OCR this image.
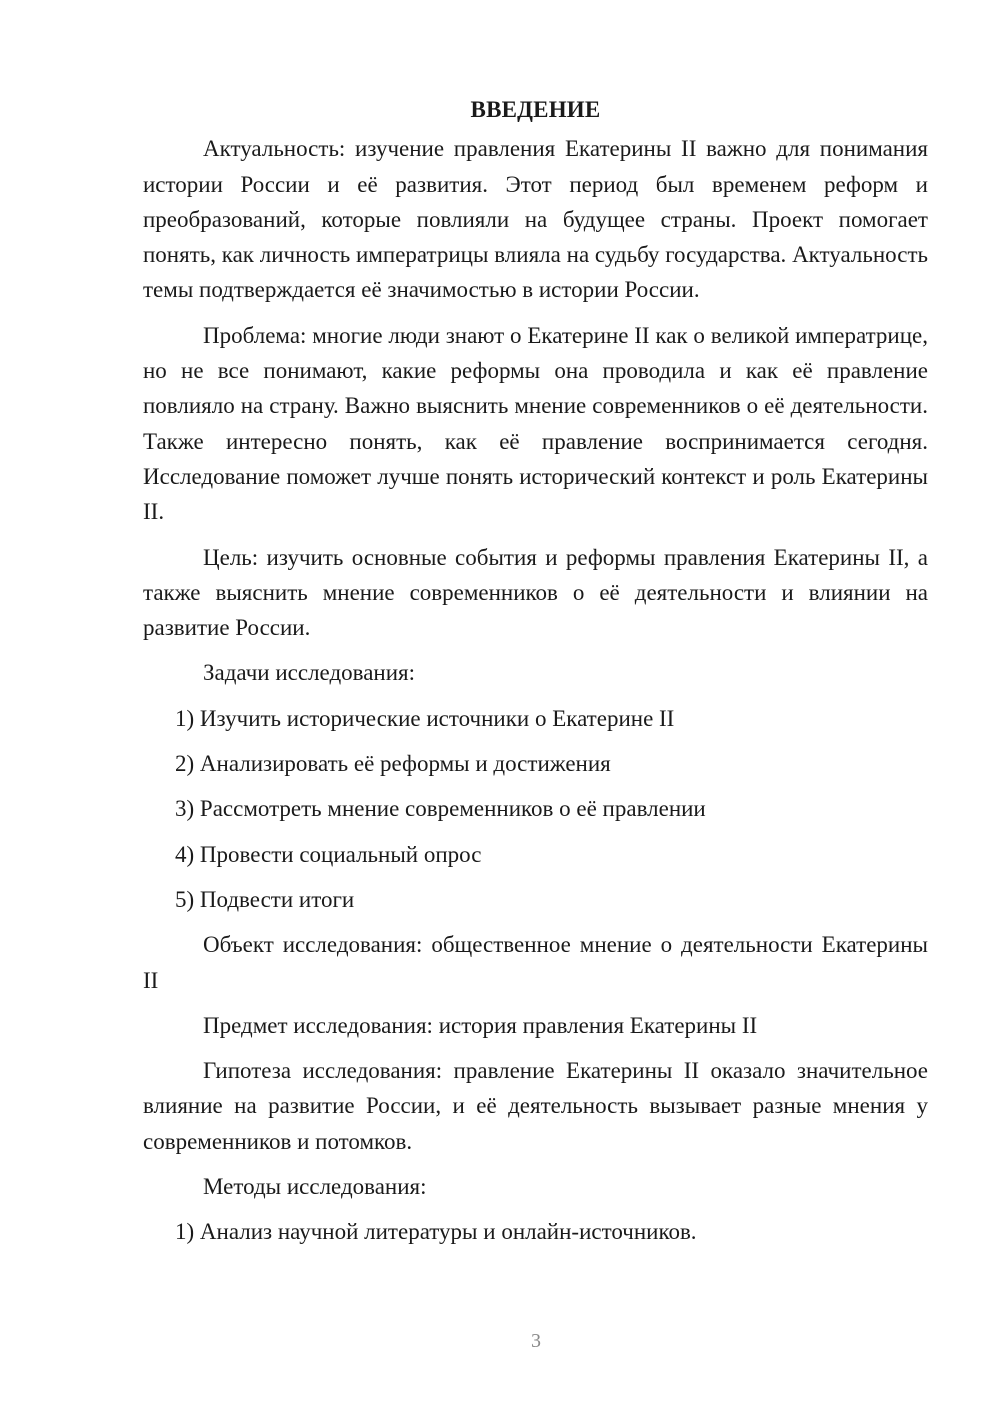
ВВЕДЕНИЕ

Актуальность: изучение правления Екатерины II важно для понимания истории России и её развития. Этот период был временем реформ и преобразований, которые повлияли на будущее страны. Проект помогает понять, как личность императрицы влияла на судьбу государства. Актуальность темы подтверждается её значимостью в истории России.

Проблема: многие люди знают о Екатерине II как о великой императрице, но не все понимают, какие реформы она проводила и как её правление повлияло на страну. Важно выяснить мнение современников о её деятельности. Также интересно понять, как её правление воспринимается сегодня. Исследование поможет лучше понять исторический контекст и роль Екатерины II.

Цель: изучить основные события и реформы правления Екатерины II, а также выяснить мнение современников о её деятельности и влиянии на развитие России.

Задачи исследования:

1) Изучить исторические источники о Екатерине II

2) Анализировать её реформы и достижения

3) Рассмотреть мнение современников о её правлении

4) Провести социальный опрос

5) Подвести итоги

Объект исследования: общественное мнение о деятельности Екатерины II

Предмет исследования: история правления Екатерины II

Гипотеза исследования: правление Екатерины II оказало значительное влияние на развитие России, и её деятельность вызывает разные мнения у современников и потомков.

Методы исследования:

1) Анализ научной литературы и онлайн-источников.

3
